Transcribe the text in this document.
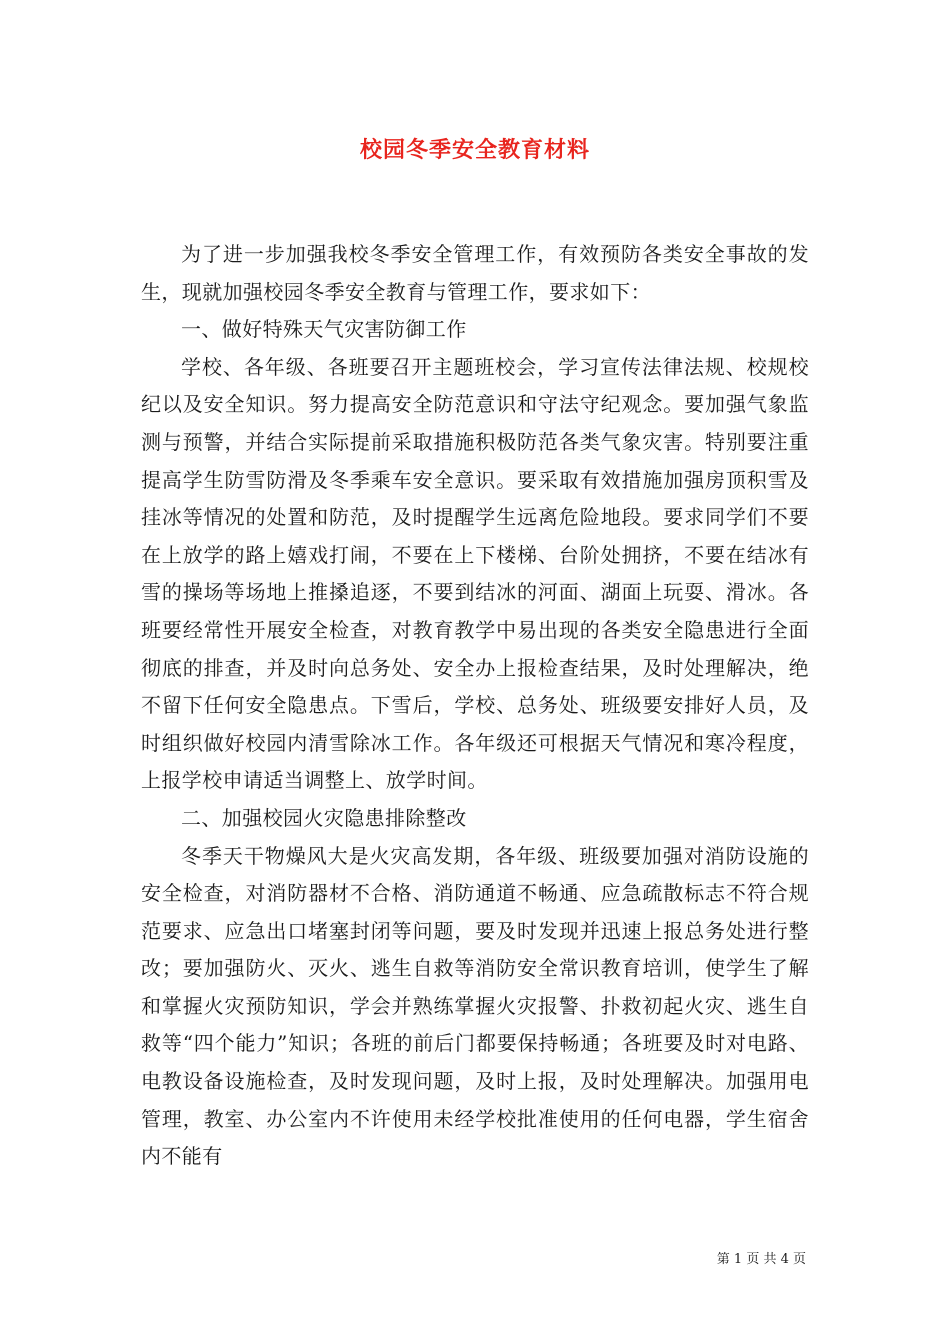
校园冬季安全教育材料

为了进一步加强我校冬季安全管理工作，有效预防各类安全事故的发生，现就加强校园冬季安全教育与管理工作，要求如下：

一、做好特殊天气灾害防御工作

学校、各年级、各班要召开主题班校会，学习宣传法律法规、校规校纪以及安全知识。努力提高安全防范意识和守法守纪观念。要加强气象监测与预警，并结合实际提前采取措施积极防范各类气象灾害。特别要注重提高学生防雪防滑及冬季乘车安全意识。要采取有效措施加强房顶积雪及挂冰等情况的处置和防范，及时提醒学生远离危险地段。要求同学们不要在上放学的路上嬉戏打闹，不要在上下楼梯、台阶处拥挤，不要在结冰有雪的操场等场地上推搡追逐，不要到结冰的河面、湖面上玩耍、滑冰。各班要经常性开展安全检查，对教育教学中易出现的各类安全隐患进行全面彻底的排查，并及时向总务处、安全办上报检查结果，及时处理解决，绝不留下任何安全隐患点。下雪后，学校、总务处、班级要安排好人员，及时组织做好校园内清雪除冰工作。各年级还可根据天气情况和寒冷程度，上报学校申请适当调整上、放学时间。

二、加强校园火灾隐患排除整改

冬季天干物燥风大是火灾高发期，各年级、班级要加强对消防设施的安全检查，对消防器材不合格、消防通道不畅通、应急疏散标志不符合规范要求、应急出口堵塞封闭等问题，要及时发现并迅速上报总务处进行整改；要加强防火、灭火、逃生自救等消防安全常识教育培训，使学生了解和掌握火灾预防知识，学会并熟练掌握火灾报警、扑救初起火灾、逃生自救等“四个能力”知识；各班的前后门都要保持畅通；各班要及时对电路、电教设备设施检查，及时发现问题，及时上报，及时处理解决。加强用电管理，教室、办公室内不许使用未经学校批准使用的任何电器，学生宿舍内不能有

第 1 页 共 4 页
